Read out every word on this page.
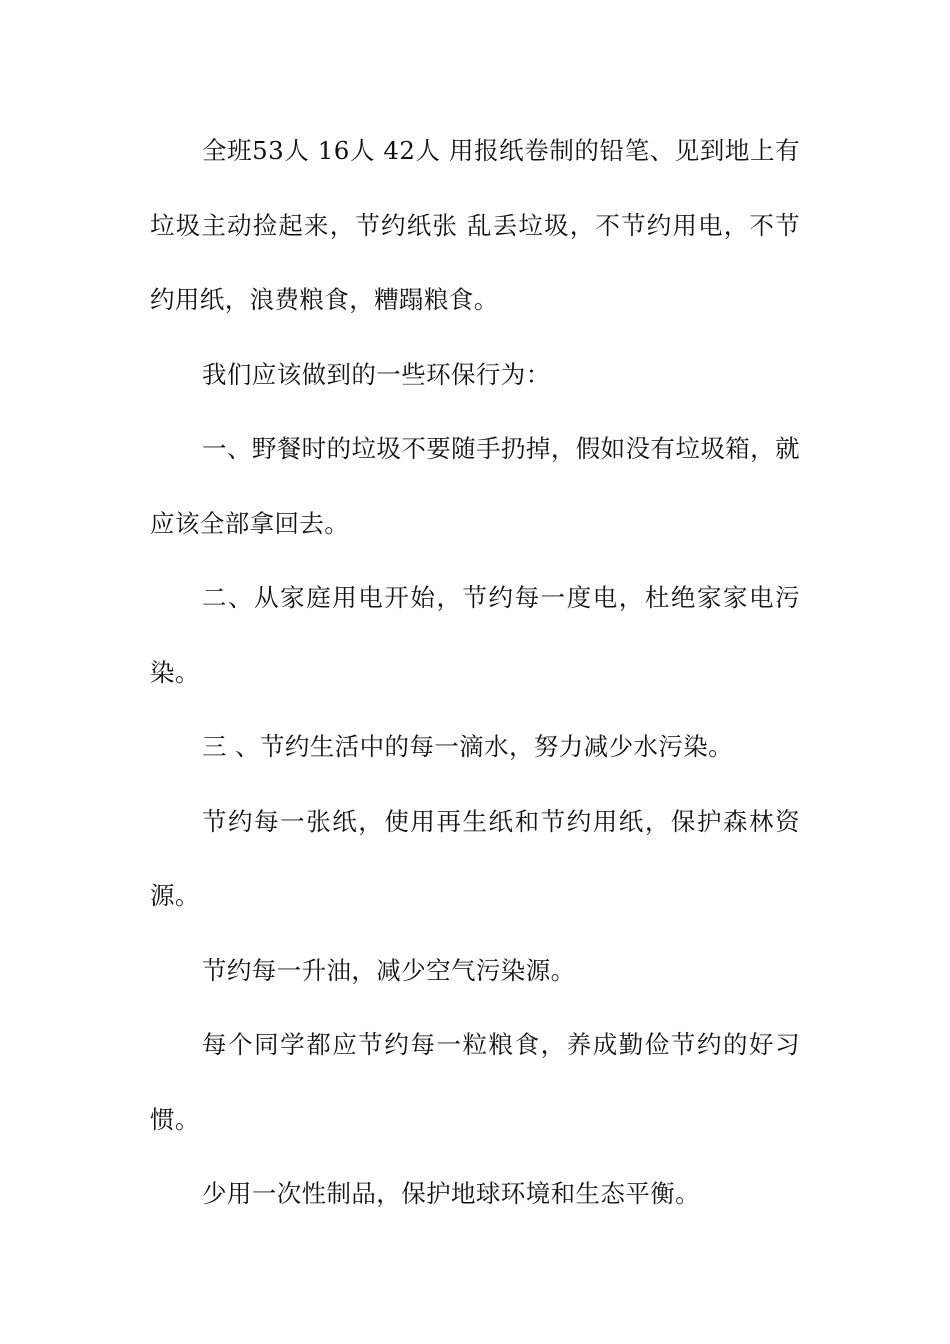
全班53人 16人 42人 用报纸卷制的铅笔、见到地上有垃圾主动捡起来，节约纸张 乱丢垃圾，不节约用电，不节约用纸，浪费粮食，糟蹋粮食。

我们应该做到的一些环保行为：

一、野餐时的垃圾不要随手扔掉，假如没有垃圾箱，就应该全部拿回去。

二、从家庭用电开始，节约每一度电，杜绝家家电污染。

三 、节约生活中的每一滴水，努力减少水污染。

节约每一张纸，使用再生纸和节约用纸，保护森林资源。

节约每一升油，减少空气污染源。

每个同学都应节约每一粒粮食，养成勤俭节约的好习惯。

少用一次性制品，保护地球环境和生态平衡。
